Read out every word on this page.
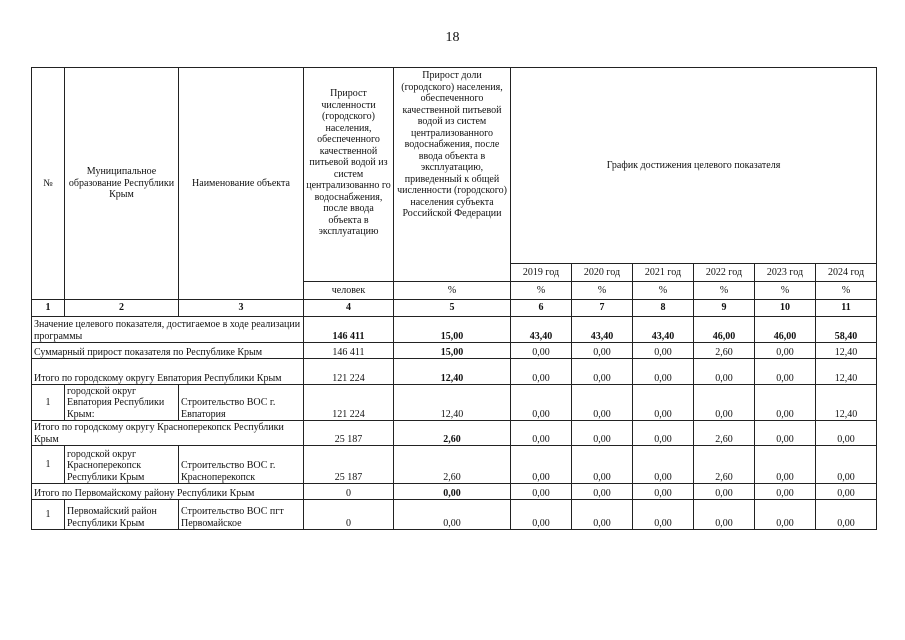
18
№	Муниципальное образование Республики Крым	Наименование объекта	Прирост численности (городского) населения, обеспеченного качественной питьевой водой из систем централизованно го водоснабжения, после ввода объекта в эксплуатацию	Прирост доли (городского) населения, обеспеченного качественной питьевой водой из систем централизованного водоснабжения, после ввода объекта в эксплуатацию, приведенный к общей численности (городского) населения субъекта Российской Федерации	График достижения целевого показателя					
					2019 год	2020 год	2021 год	2022 год	2023 год	2024 год
			человек	%	%	%	%	%	%	%
1	2	3	4	5	6	7	8	9	10	11
Значение целевого показателя, достигаемое в ходе реализации программы			146 411	15,00	43,40	43,40	43,40	46,00	46,00	58,40
Суммарный прирост показателя по Республике Крым			146 411	15,00	0,00	0,00	0,00	2,60	0,00	12,40
Итого по городскому округу Евпатория Республики Крым			121 224	12,40	0,00	0,00	0,00	0,00	0,00	12,40
1	городской округ Евпатория Республики Крым:	Строительство ВОС г. Евпатория	121 224	12,40	0,00	0,00	0,00	0,00	0,00	12,40
Итого по городскому округу Красноперекопск Республики Крым			25 187	2,60	0,00	0,00	0,00	2,60	0,00	0,00
1	городской округ Красноперекопск Республики Крым	Строительство ВОС г. Красноперекопск	25 187	2,60	0,00	0,00	0,00	2,60	0,00	0,00
Итого по Первомайскому району Республики Крым			0	0,00	0,00	0,00	0,00	0,00	0,00	0,00
1	Первомайский район Республики Крым	Строительство ВОС пгт Первомайское	0	0,00	0,00	0,00	0,00	0,00	0,00	0,00
